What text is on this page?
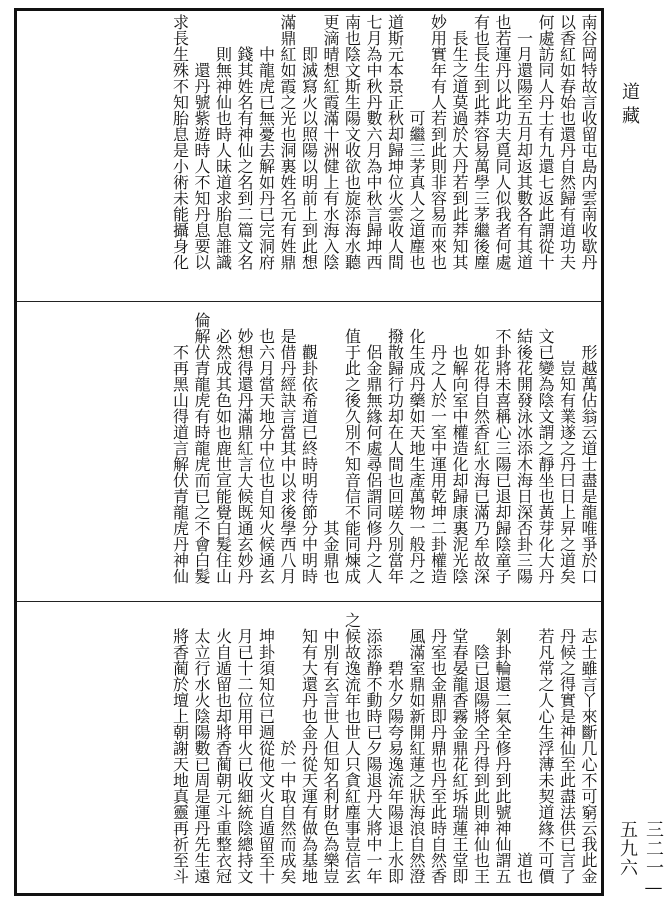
南谷岡特故言收留屯島内雲南收歇丹
以香紅如春始也還丹自然歸有道功夫
何處訪同人丹士有九還七返此謂從十
一月還陽至五月却返其數各有其道
也若運丹以此功夫覓同人似我者何處
有也長生到此莽容易萬學三茅繼後塵
長生之道莫過於大丹若到此莽知其
妙用實年有人若到此則非容易而來也
可繼三茅真人之道塵也
道斯元本景正秋却歸坤位火雲收人間
七月為中秋丹數六月為中秋言歸坤西
南也陰文斯生陽文收欲也旋添海水聽
更滴晴想紅霞滿十洲健上有水海入陰
即滅寫火以照陽以明前上到此想
滿鼎紅如霞之光也洞裏姓名元有姓鼎
中龍虎已無憂去解如丹已完洞府
錢其姓名有神仙之名到二篇文名
則無神仙也時人昧道求胎息誰識
還丹號紫遊時人不知丹息要以
求長生殊不知胎息是小術未能攝身化
形越萬佔翁云道士盡是龍唯爭於口
豈知有業遂之丹曰日上昇之道矣
文已變為陰文謂之靜坐也黃芽化大丹
結後花開發泳冰添木海日深否卦三陽
不卦將未喜稱心三陽已退却歸陰童子
如花得自然香紅水海已滿乃牟故深
也解向室中權造化却歸康裏泥光陰
丹之人於一室中運用乾坤二卦權造
化生成丹藥如天地生產萬物一般丹之
撥散歸行功却在人間也回嗟久別當年
侶金鼎無緣何處尋侶謂同修丹之人
值于此之後久別不知音信不能同煉成
其金鼎也
觀卦依希道已終時明待節分中明時
是借丹經訣言當其中以求後學西八月
也六月當天地分中位也自知火候通玄
妙想得還丹滿鼎紅言大候既通玄妙丹
必然成其色如也鹿世宣能覺白髮住山
倫解伏青龍虎有時龍虎而已之不會白髮
不再黑山得道言解伏青龍虎丹神仙
志士雖言丫來斷几心不可窮云我此金
丹候之得實是神仙至此盡法供已言了
若凡常之人心生浮薄未契道緣不可價
道也
剝卦輪還二氣全修丹到此號神仙謂五
陰已退陽將全丹得到此則神仙也王
堂春晏龍香霧金鼎花紅坼瑞蓮王堂即
丹室也金鼎即丹鼎也丹至此時自然香
風滿室鼎如新開紅蓮之狀海浪自然澄
碧水夕陽夸易逸流年陽退上水即
添添静不動時已夕陽退丹大將中一年
之候故逸流年也世人只貪紅塵事豈信玄
中別有玄言世人但知名利財色為樂豈
知有大還丹也金丹從天運有做為基地
於一中取自然而成矣
坤卦須知位已週從他文火自遁留至十
月已十二位用甲火已收細統陰總持文
火自遁留也却將香蔺朝元斗重整衣冠
太立行水火陰陽數已周是運丹先生遠
將香蔺於壇上朝謝天地真靈再祈至斗
道藏
三二一—五九六
